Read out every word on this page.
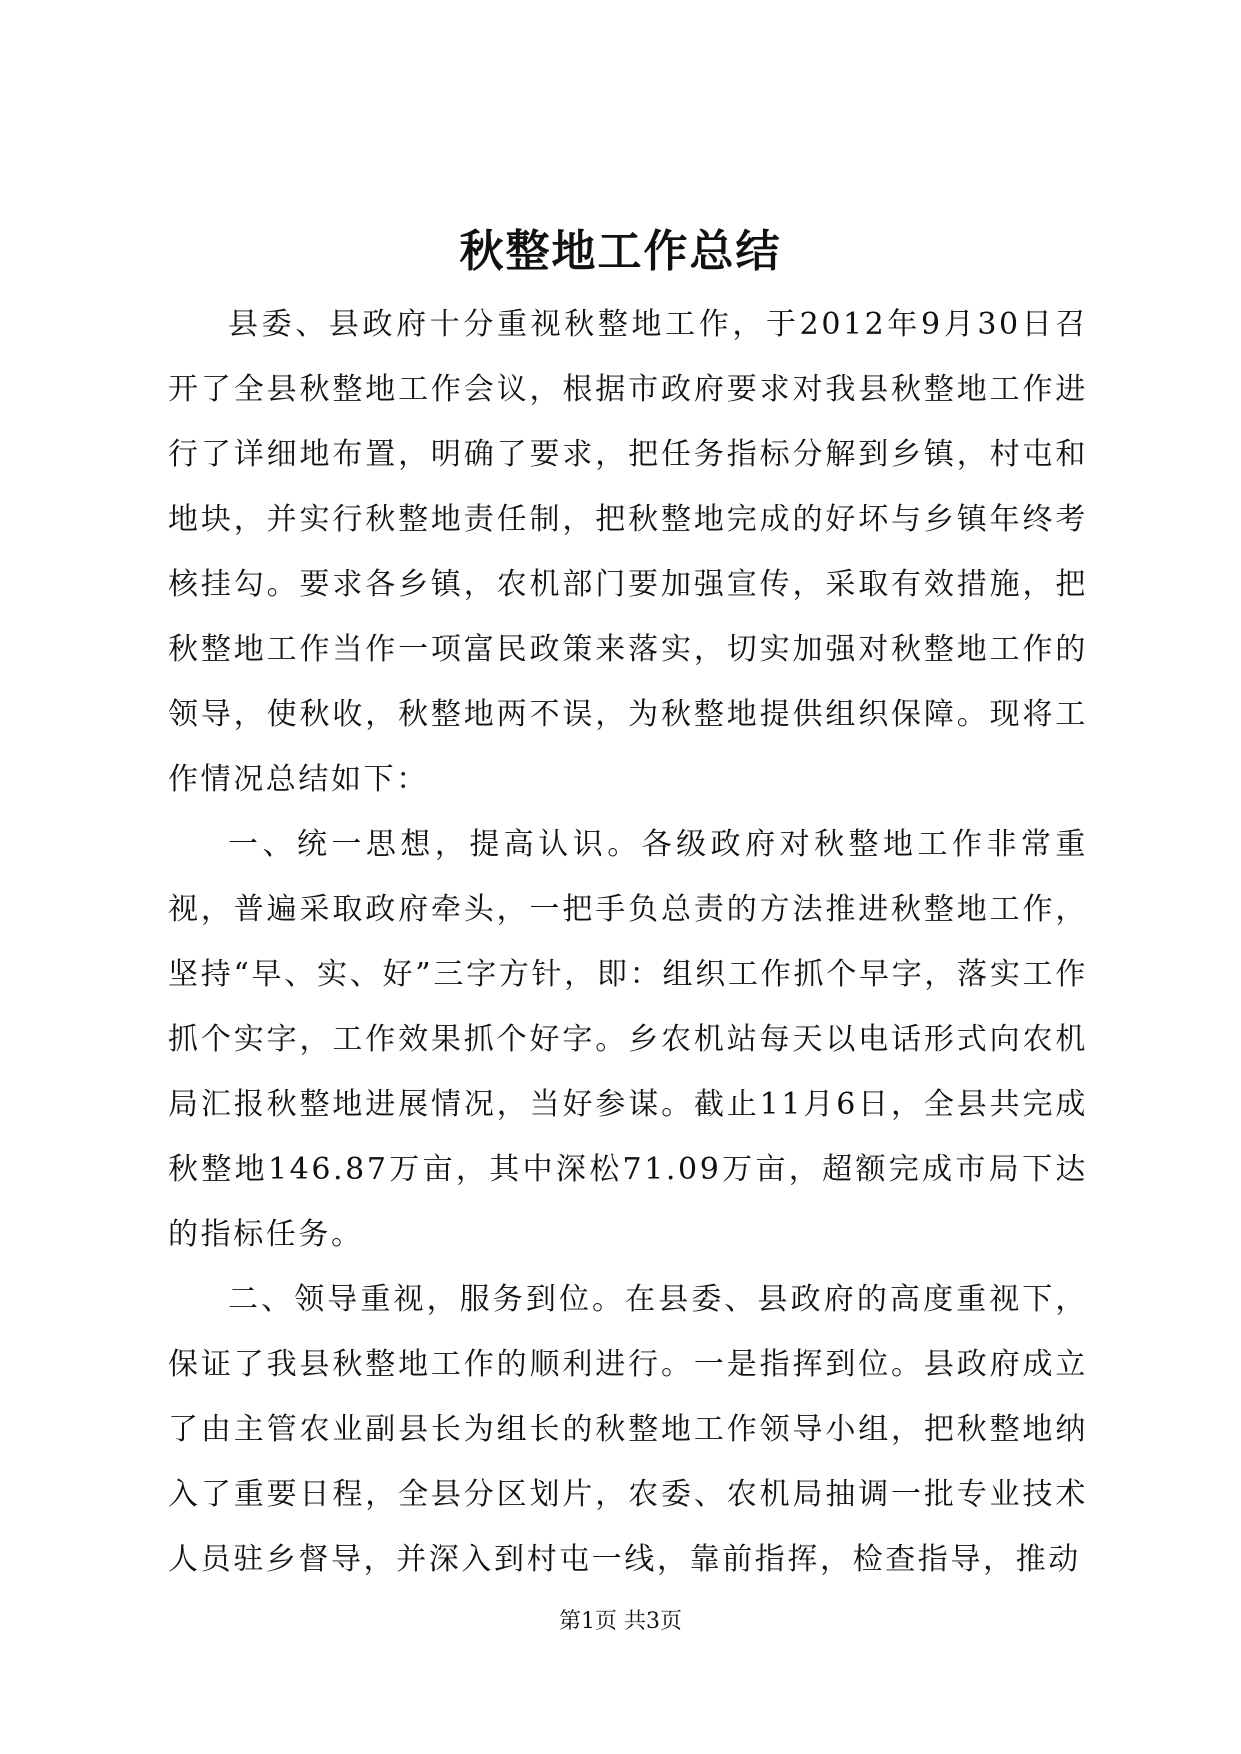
秋整地工作总结

县委、县政府十分重视秋整地工作，于2012年9月30日召开了全县秋整地工作会议，根据市政府要求对我县秋整地工作进行了详细地布置，明确了要求，把任务指标分解到乡镇，村屯和地块，并实行秋整地责任制，把秋整地完成的好坏与乡镇年终考核挂勾。要求各乡镇，农机部门要加强宣传，采取有效措施，把秋整地工作当作一项富民政策来落实，切实加强对秋整地工作的领导，使秋收，秋整地两不误，为秋整地提供组织保障。现将工作情况总结如下：

一、统一思想，提高认识。各级政府对秋整地工作非常重视，普遍采取政府牵头，一把手负总责的方法推进秋整地工作，坚持“早、实、好”三字方针，即：组织工作抓个早字，落实工作抓个实字，工作效果抓个好字。乡农机站每天以电话形式向农机局汇报秋整地进展情况，当好参谋。截止11月6日，全县共完成秋整地146.87万亩，其中深松71.09万亩，超额完成市局下达的指标任务。

二、领导重视，服务到位。在县委、县政府的高度重视下，保证了我县秋整地工作的顺利进行。一是指挥到位。县政府成立了由主管农业副县长为组长的秋整地工作领导小组，把秋整地纳入了重要日程，全县分区划片，农委、农机局抽调一批专业技术人员驻乡督导，并深入到村屯一线，靠前指挥，检查指导，推动

第1页 共3页
